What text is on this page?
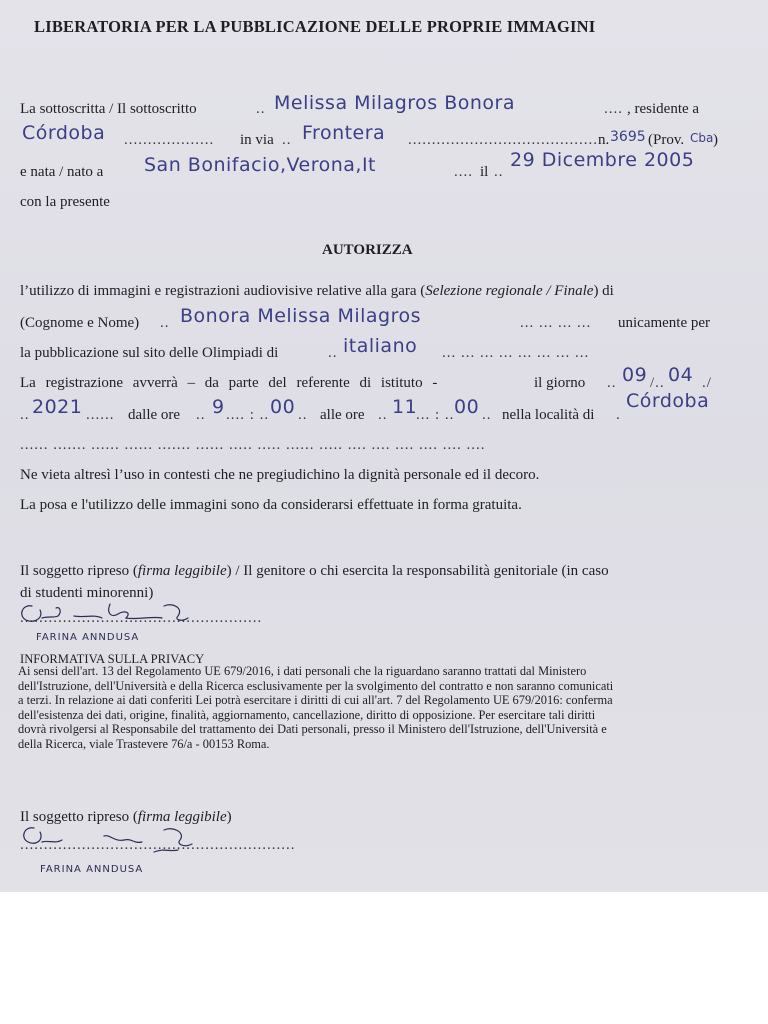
LIBERATORIA PER LA PUBBLICAZIONE DELLE PROPRIE IMMAGINI
La sottoscritta / Il sottoscritto	.. Melissa Milagros Bonora	.... , residente a
Córdoba ................... in via .. Frontera ........................................ n. 3695 (Prov. Cba )
e nata / nato a San Bonifacio,Verona,It	.... il ..
29 Dicembre 2005
con la presente
AUTORIZZA
l’utilizzo di immagini e registrazioni audiovisive relative alla gara (Selezione regionale / Finale) di
(Cognome e Nome) .. Bonora Melissa Milagros	... ... ... ... unicamente per
la pubblicazione sul sito delle Olimpiadi di	.. italiano ... ... ... ... ... ... ... ...
La registrazione avverrà – da parte del referente di istituto -	il giorno .. 09 /.. 04 ./
.. 2021 ...... dalle ore .. 9 .... : .. 00 .. alle ore .. 11
... : .. 00 .. nella località di .
Córdoba
...... ....... ...... ...... ....... ...... ..... ..... ...... ..... .... .... .... .... .... ....
Ne vieta altresì l’uso in contesti che ne pregiudichino la dignità personale ed il decoro.
La posa e l'utilizzo delle immagini sono da considerarsi effettuate in forma gratuita.
Il soggetto ripreso (firma leggibile) / Il genitore o chi esercita la responsabilità genitoriale (in caso
di studenti minorenni)
...................................................
FARINA ANNDUSA
INFORMATIVA SULLA PRIVACY
Ai sensi dell'art. 13 del Regolamento UE 679/2016, i dati personali che la riguardano saranno trattati dal Ministero
dell'Istruzione, dell'Università e della Ricerca esclusivamente per la svolgimento del contratto e non saranno comunicati
a terzi. In relazione ai dati conferiti Lei potrà esercitare i diritti di cui all'art. 7 del Regolamento UE 679/2016: conferma
dell'esistenza dei dati, origine, finalità, aggiornamento, cancellazione, diritto di opposizione. Per esercitare tali diritti
dovrà rivolgersi al Responsabile del trattamento dei Dati personali, presso il Ministero dell'Istruzione, dell'Università e
della Ricerca, viale Trastevere 76/a - 00153 Roma.
Il soggetto ripreso (firma leggibile)
..........................................................
FARINA ANNDUSA
